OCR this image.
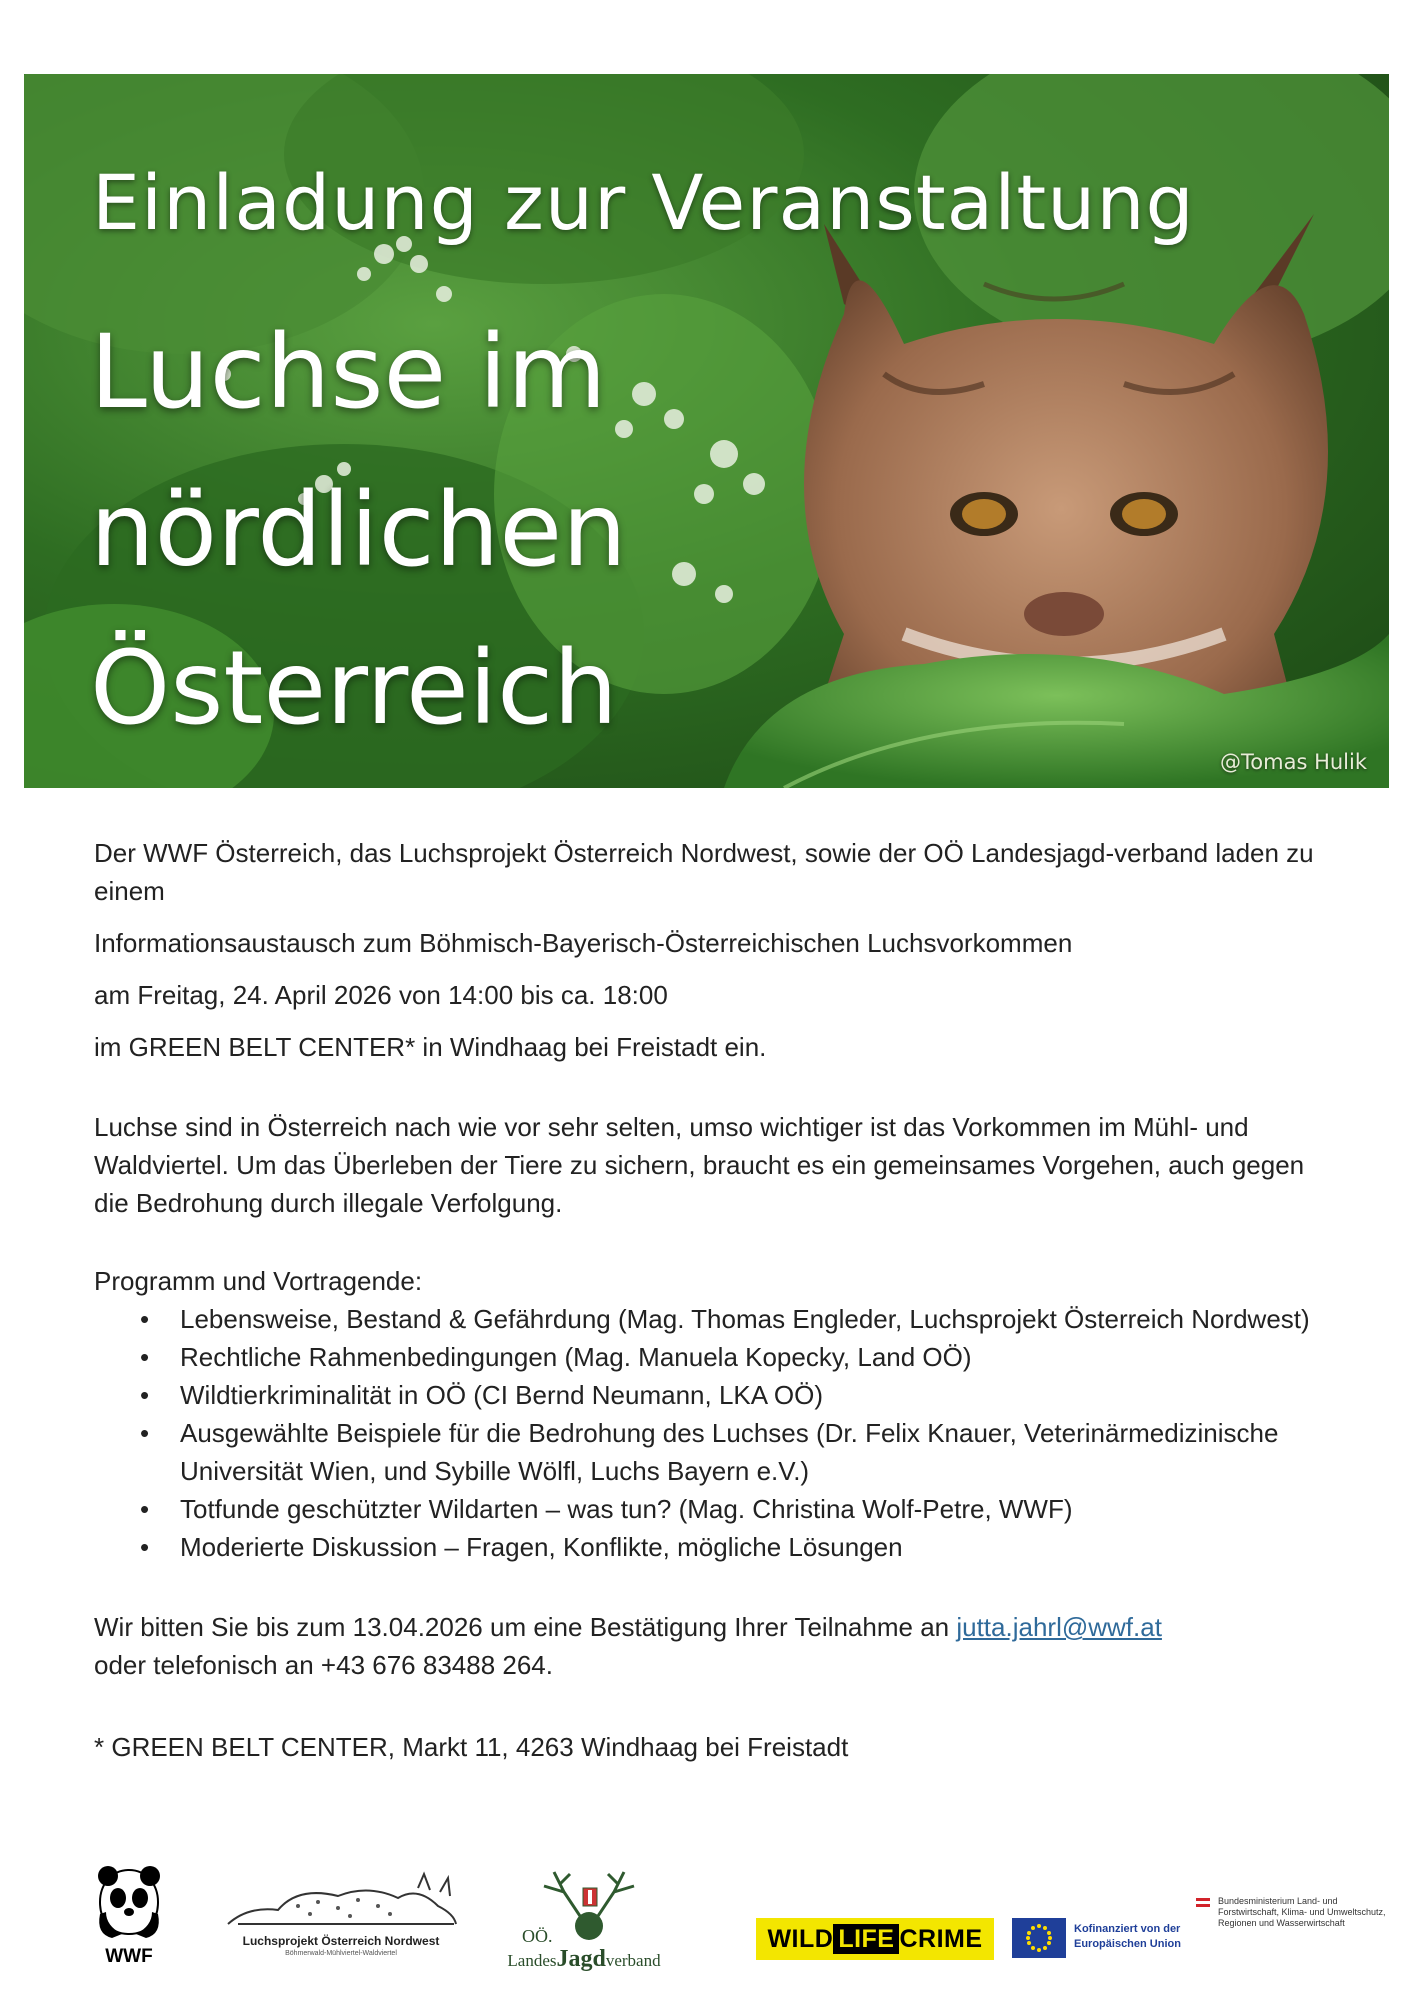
Einladung zur Veranstaltung
Luchse im
nördlichen
Österreich
@Tomas Hulik

Der WWF Österreich, das Luchsprojekt Österreich Nordwest, sowie der OÖ Landesjagd-verband laden zu einem

Informationsaustausch zum Böhmisch-Bayerisch-Österreichischen Luchsvorkommen

am Freitag, 24. April 2026 von 14:00 bis ca. 18:00

im GREEN BELT CENTER* in Windhaag bei Freistadt ein.

Luchse sind in Österreich nach wie vor sehr selten, umso wichtiger ist das Vorkommen im Mühl- und Waldviertel. Um das Überleben der Tiere zu sichern, braucht es ein gemeinsames Vorgehen, auch gegen die Bedrohung durch illegale Verfolgung.

Programm und Vortragende:

• Lebensweise, Bestand & Gefährdung (Mag. Thomas Engleder, Luchsprojekt Österreich Nordwest)
• Rechtliche Rahmenbedingungen (Mag. Manuela Kopecky, Land OÖ)
• Wildtierkriminalität in OÖ (CI Bernd Neumann, LKA OÖ)
• Ausgewählte Beispiele für die Bedrohung des Luchses (Dr. Felix Knauer, Veterinärmedizinische Universität Wien, und Sybille Wölfl, Luchs Bayern e.V.)
• Totfunde geschützter Wildarten – was tun? (Mag. Christina Wolf-Petre, WWF)
• Moderierte Diskussion – Fragen, Konflikte, mögliche Lösungen

Wir bitten Sie bis zum 13.04.2026 um eine Bestätigung Ihrer Teilnahme an jutta.jahrl@wwf.at
oder telefonisch an +43 676 83488 264.

* GREEN BELT CENTER, Markt 11, 4263 Windhaag bei Freistadt

WWF
Luchsprojekt Österreich Nordwest
Böhmerwald-Mühlviertel-Waldviertel
OÖ.
LandesJagdverband
WILD LIFE CRIME	Kofinanziert von der Europäischen Union
Bundesministerium Land- und Forstwirtschaft, Klima- und Umweltschutz, Regionen und Wasserwirtschaft
